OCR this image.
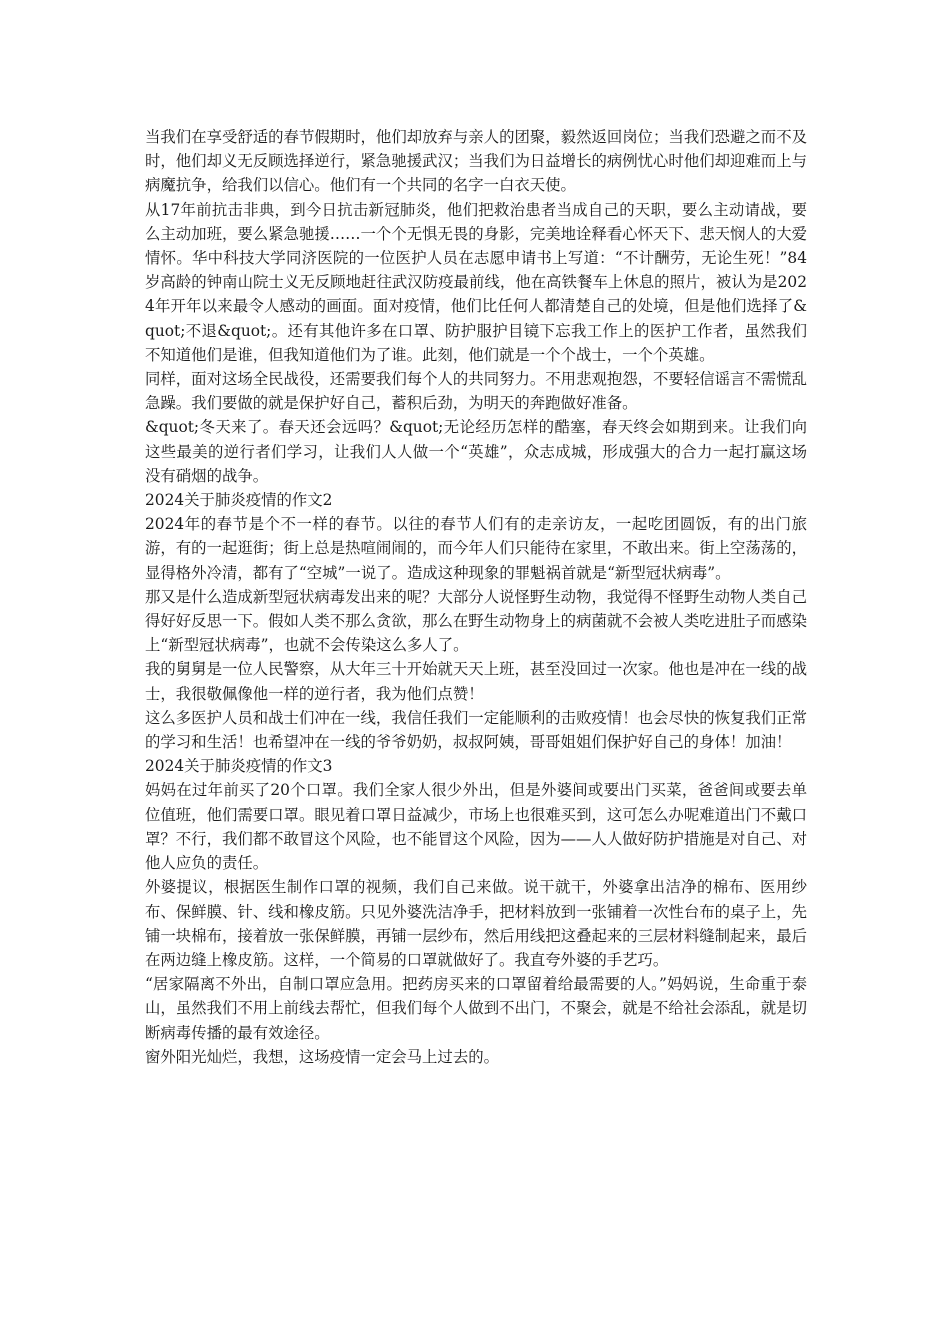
当我们在享受舒适的春节假期时，他们却放弃与亲人的团聚，毅然返回岗位；当我们恐避之而不及时，他们却义无反顾选择逆行，紧急驰援武汉；当我们为日益增长的病例忧心时他们却迎难而上与病魔抗争，给我们以信心。他们有一个共同的名字一白衣天使。

从17年前抗击非典，到今日抗击新冠肺炎，他们把救治患者当成自己的天职，要么主动请战，要么主动加班，要么紧急驰援……一个个无惧无畏的身影，完美地诠释看心怀天下、悲天悯人的大爱情怀。华中科技大学同济医院的一位医护人员在志愿申请书上写道：“不计酬劳，无论生死！”84岁高龄的钟南山院士义无反顾地赶往武汉防疫最前线，他在高铁餐车上休息的照片，被认为是2024年开年以来最令人感动的画面。面对疫情，他们比任何人都清楚自己的处境，但是他们选择了&quot;不退&quot;。还有其他许多在口罩、防护服护目镜下忘我工作上的医护工作者，虽然我们不知道他们是谁，但我知道他们为了谁。此刻，他们就是一个个战士，一个个英雄。

同样，面对这场全民战役，还需要我们每个人的共同努力。不用悲观抱怨，不要轻信谣言不需慌乱急躁。我们要做的就是保护好自己，蓄积后劲，为明天的奔跑做好准备。

&quot;冬天来了。春天还会远吗？&quot;无论经历怎样的酷塞，春天终会如期到来。让我们向这些最美的逆行者们学习，让我们人人做一个“英雄”，众志成城，形成强大的合力一起打赢这场没有硝烟的战争。

2024关于肺炎疫情的作文2

2024年的春节是个不一样的春节。以往的春节人们有的走亲访友，一起吃团圆饭，有的出门旅游，有的一起逛街；街上总是热喧闹闹的，而今年人们只能待在家里，不敢出来。街上空荡荡的，显得格外冷清，都有了“空城”一说了。造成这种现象的罪魁祸首就是“新型冠状病毒”。

那又是什么造成新型冠状病毒发出来的呢？大部分人说怪野生动物，我觉得不怪野生动物人类自己得好好反思一下。假如人类不那么贪欲，那么在野生动物身上的病菌就不会被人类吃进肚子而感染上“新型冠状病毒”，也就不会传染这么多人了。

我的舅舅是一位人民警察，从大年三十开始就天天上班，甚至没回过一次家。他也是冲在一线的战士，我很敬佩像他一样的逆行者，我为他们点赞！

这么多医护人员和战士们冲在一线，我信任我们一定能顺利的击败疫情！也会尽快的恢复我们正常的学习和生活！也希望冲在一线的爷爷奶奶，叔叔阿姨，哥哥姐姐们保护好自己的身体！加油！

2024关于肺炎疫情的作文3

妈妈在过年前买了20个口罩。我们全家人很少外出，但是外婆间或要出门买菜，爸爸间或要去单位值班，他们需要口罩。眼见着口罩日益减少，市场上也很难买到，这可怎么办呢难道出门不戴口罩？不行，我们都不敢冒这个风险，也不能冒这个风险，因为——人人做好防护措施是对自己、对他人应负的责任。

外婆提议，根据医生制作口罩的视频，我们自己来做。说干就干，外婆拿出洁净的棉布、医用纱布、保鲜膜、针、线和橡皮筋。只见外婆洗洁净手，把材料放到一张铺着一次性台布的桌子上，先铺一块棉布，接着放一张保鲜膜，再铺一层纱布，然后用线把这叠起来的三层材料缝制起来，最后在两边缝上橡皮筋。这样，一个简易的口罩就做好了。我直夸外婆的手艺巧。

“居家隔离不外出，自制口罩应急用。把药房买来的口罩留着给最需要的人。”妈妈说，生命重于泰山，虽然我们不用上前线去帮忙，但我们每个人做到不出门，不聚会，就是不给社会添乱，就是切断病毒传播的最有效途径。

窗外阳光灿烂，我想，这场疫情一定会马上过去的。
